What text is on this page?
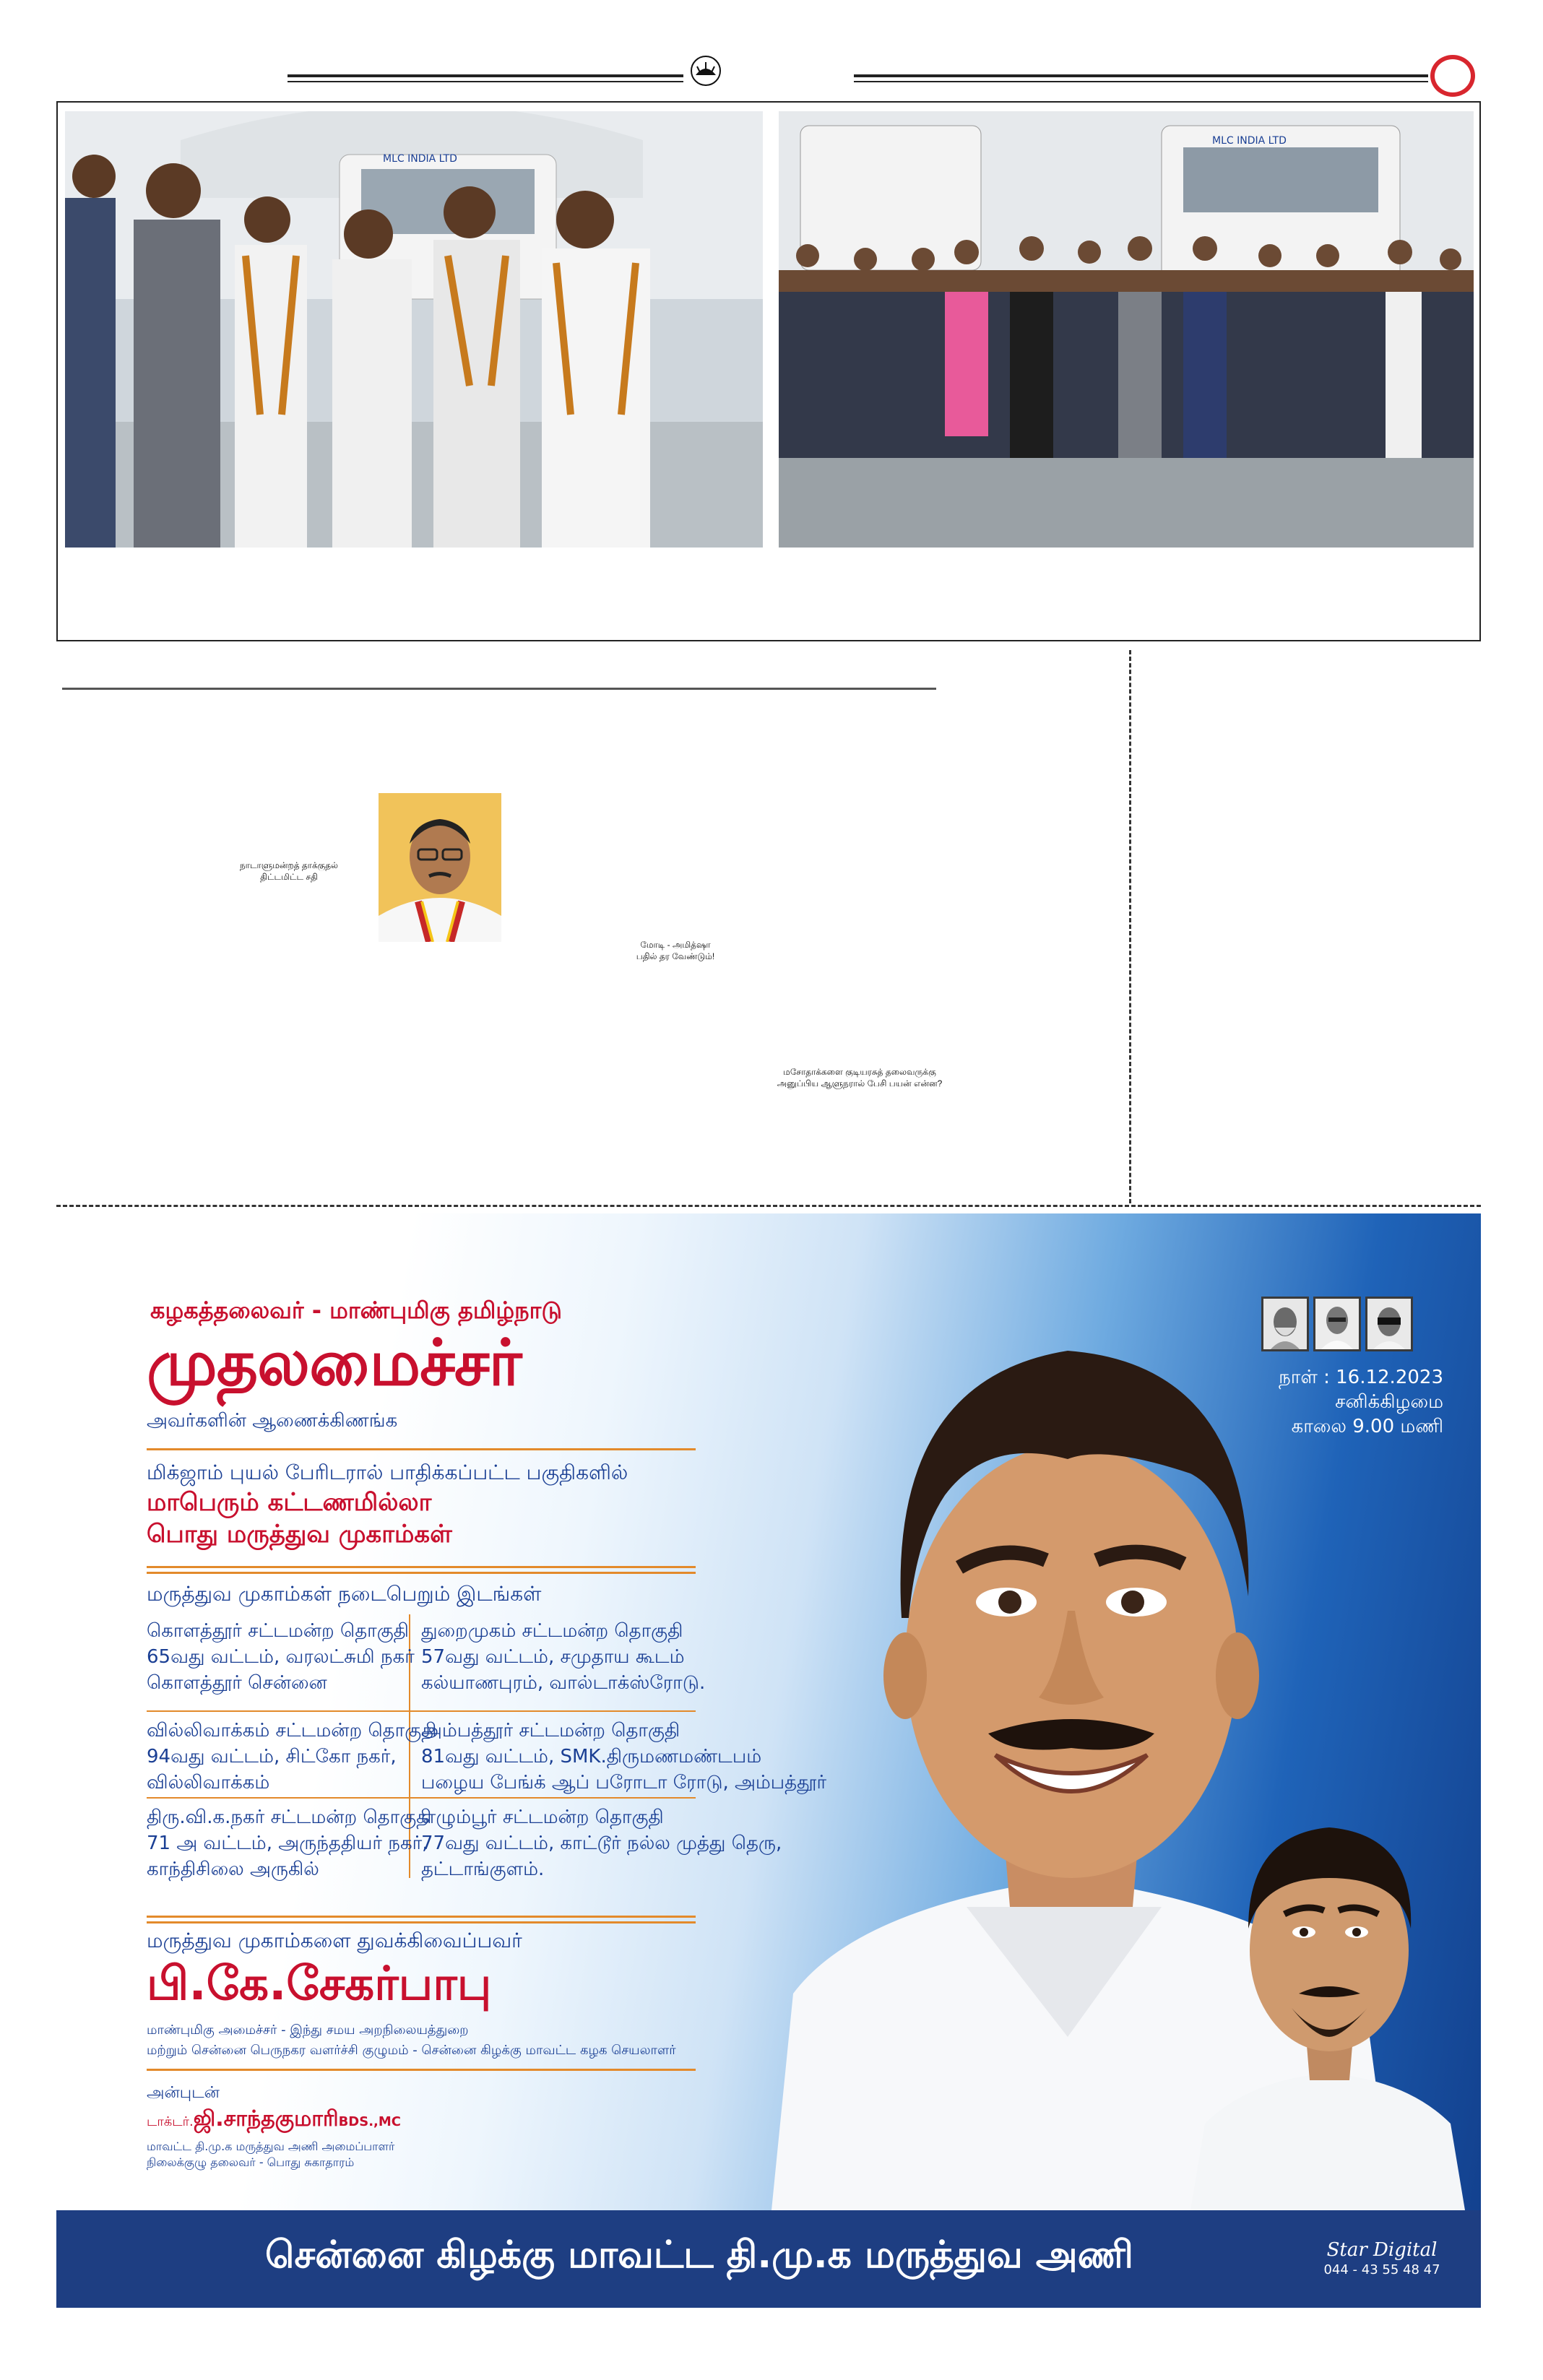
MLC INDIA LTD
MLC INDIA LTD
நாடாளுமன்றத் தாக்குதல்
திட்டமிட்ட சதி
மோடி - அமித்ஷா
பதில் தர வேண்டும்!
மசோதாக்களை குடியரசுத் தலைவருக்கு
அனுப்பிய ஆளுநரால் பேசி பயன் என்ன?
கழகத்தலைவர் - மாண்புமிகு தமிழ்நாடு
முதலமைச்சர்
அவர்களின் ஆணைக்கிணங்க
மிக்ஜாம் புயல் பேரிடரால் பாதிக்கப்பட்ட பகுதிகளில்
மாபெரும் கட்டணமில்லா
பொது மருத்துவ முகாம்கள்
மருத்துவ முகாம்கள் நடைபெறும் இடங்கள்
கொளத்தூர் சட்டமன்ற தொகுதி
65வது வட்டம், வரலட்சுமி நகர்
கொளத்தூர் சென்னை
துறைமுகம் சட்டமன்ற தொகுதி
57வது வட்டம், சமுதாய கூடம்
கல்யாணபுரம், வால்டாக்ஸ்ரோடு.
வில்லிவாக்கம் சட்டமன்ற தொகுதி
94வது வட்டம், சிட்கோ நகர்,
வில்லிவாக்கம்
அம்பத்தூர் சட்டமன்ற தொகுதி
81வது வட்டம், SMK.திருமணமண்டபம்
பழைய பேங்க் ஆப் பரோடா ரோடு, அம்பத்தூர்
திரு.வி.க.நகர் சட்டமன்ற தொகுதி
71 அ வட்டம், அருந்ததியர் நகர்,
காந்திசிலை அருகில்
எழும்பூர் சட்டமன்ற தொகுதி
77வது வட்டம், காட்டூர் நல்ல முத்து தெரு,
தட்டாங்குளம்.
மருத்துவ முகாம்களை துவக்கிவைப்பவர்
பி.கே.சேகர்பாபு
மாண்புமிகு அமைச்சர் - இந்து சமய அறநிலையத்துறை
மற்றும் சென்னை பெருநகர வளர்ச்சி குழுமம் - சென்னை கிழக்கு மாவட்ட கழக செயலாளர்
அன்புடன்
டாக்டர்.ஜி.சாந்தகுமாரிBDS.,MC
மாவட்ட தி.மு.க மருத்துவ அணி அமைப்பாளர்
நிலைக்குழு தலைவர் - பொது சுகாதாரம்
நாள் : 16.12.2023
சனிக்கிழமை
காலை 9.00 மணி
சென்னை கிழக்கு மாவட்ட தி.மு.க மருத்துவ அணி	Star Digital
044 - 43 55 48 47
